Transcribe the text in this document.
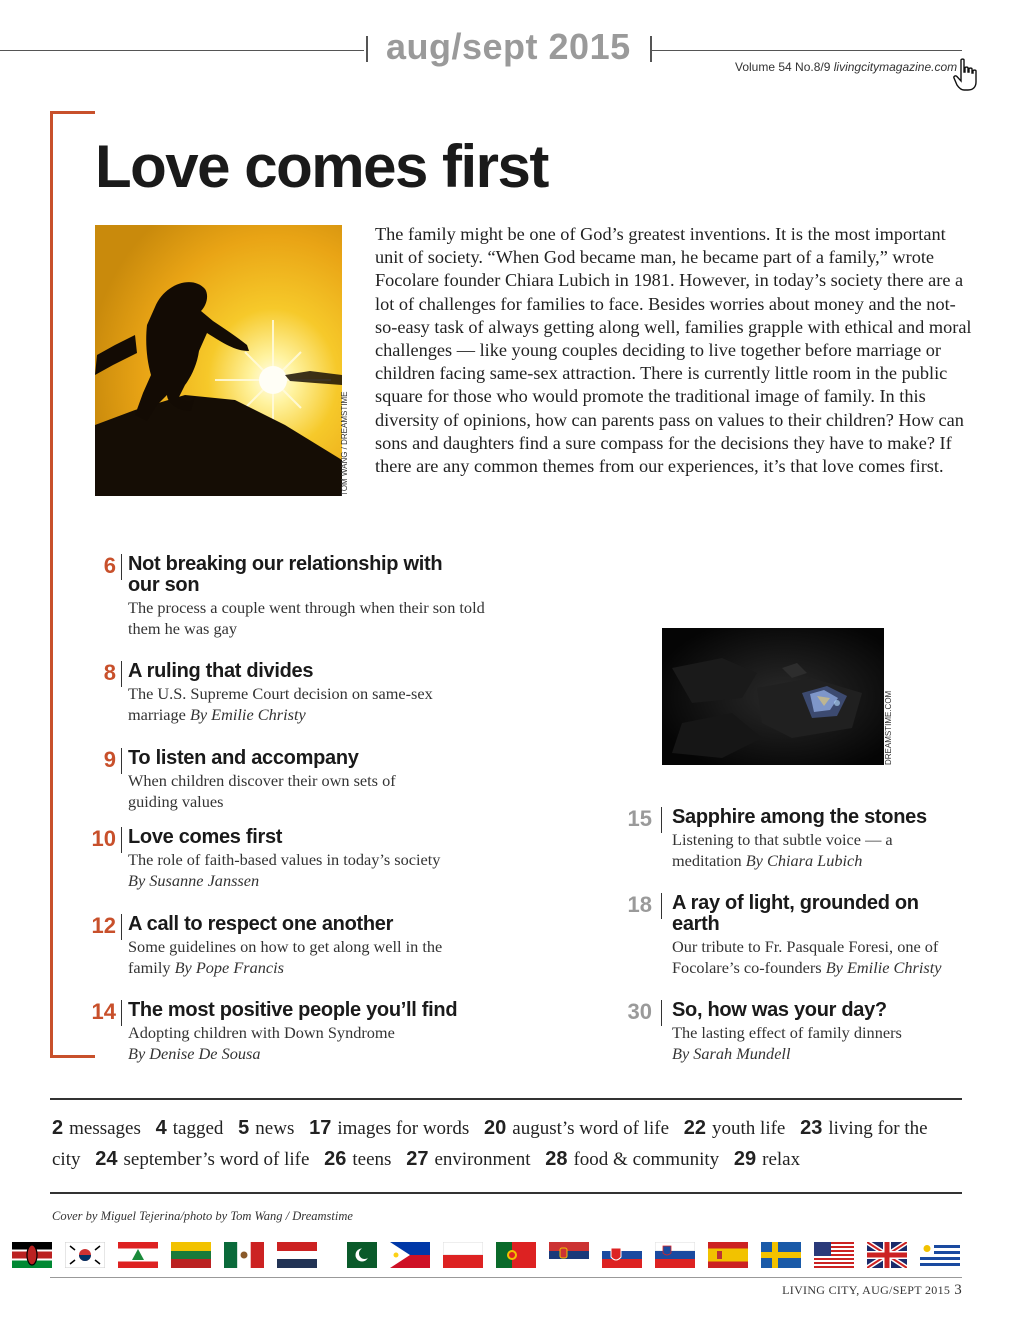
aug/sept 2015	Volume 54 No.8/9 livingcitymagazine.com
Love comes first
TOM WANG / DREAMSTIME
The family might be one of God’s greatest inventions. It is the most important unit of society. “When God became man, he became part of a family,” wrote Focolare founder Chiara Lubich in 1981. However, in today’s society there are a lot of challenges for families to face. Besides worries about money and the not-so-easy task of always getting along well, families grapple with ethical and moral challenges — like young couples deciding to live together before marriage or children facing same-sex attraction. There is currently little room in the public square for those who would promote the traditional image of family. In this diversity of opinions, how can parents pass on values to their children? How can sons and daughters find a sure compass for the decisions they have to make? If there are any common themes from our experiences, it’s that love comes first.
6 Not breaking our relationship with our son
The process a couple went through when their son told them he was gay
8 A ruling that divides
The U.S. Supreme Court decision on same-sex marriage By Emilie Christy
9 To listen and accompany
When children discover their own sets of guiding values
10 Love comes first
The role of faith-based values in today’s society
By Susanne Janssen
12 A call to respect one another
Some guidelines on how to get along well in the family By Pope Francis
14 The most positive people you’ll find
Adopting children with Down Syndrome
By Denise De Sousa
DREAMSTIME.COM
15 Sapphire among the stones
Listening to that subtle voice — a meditation By Chiara Lubich
18 A ray of light, grounded on earth
Our tribute to Fr. Pasquale Foresi, one of Focolare’s co-founders By Emilie Christy
30 So, how was your day?
The lasting effect of family dinners
By Sarah Mundell
2 messages 4 tagged 5 news 17 images for words 20 august’s word of life 22 youth life 23 living for the city 24 september’s word of life 26 teens 27 environment 28 food & community 29 relax
Cover by Miguel Tejerina/photo by Tom Wang / Dreamstime
LIVING CITY, AUG/SEPT 2015 3
